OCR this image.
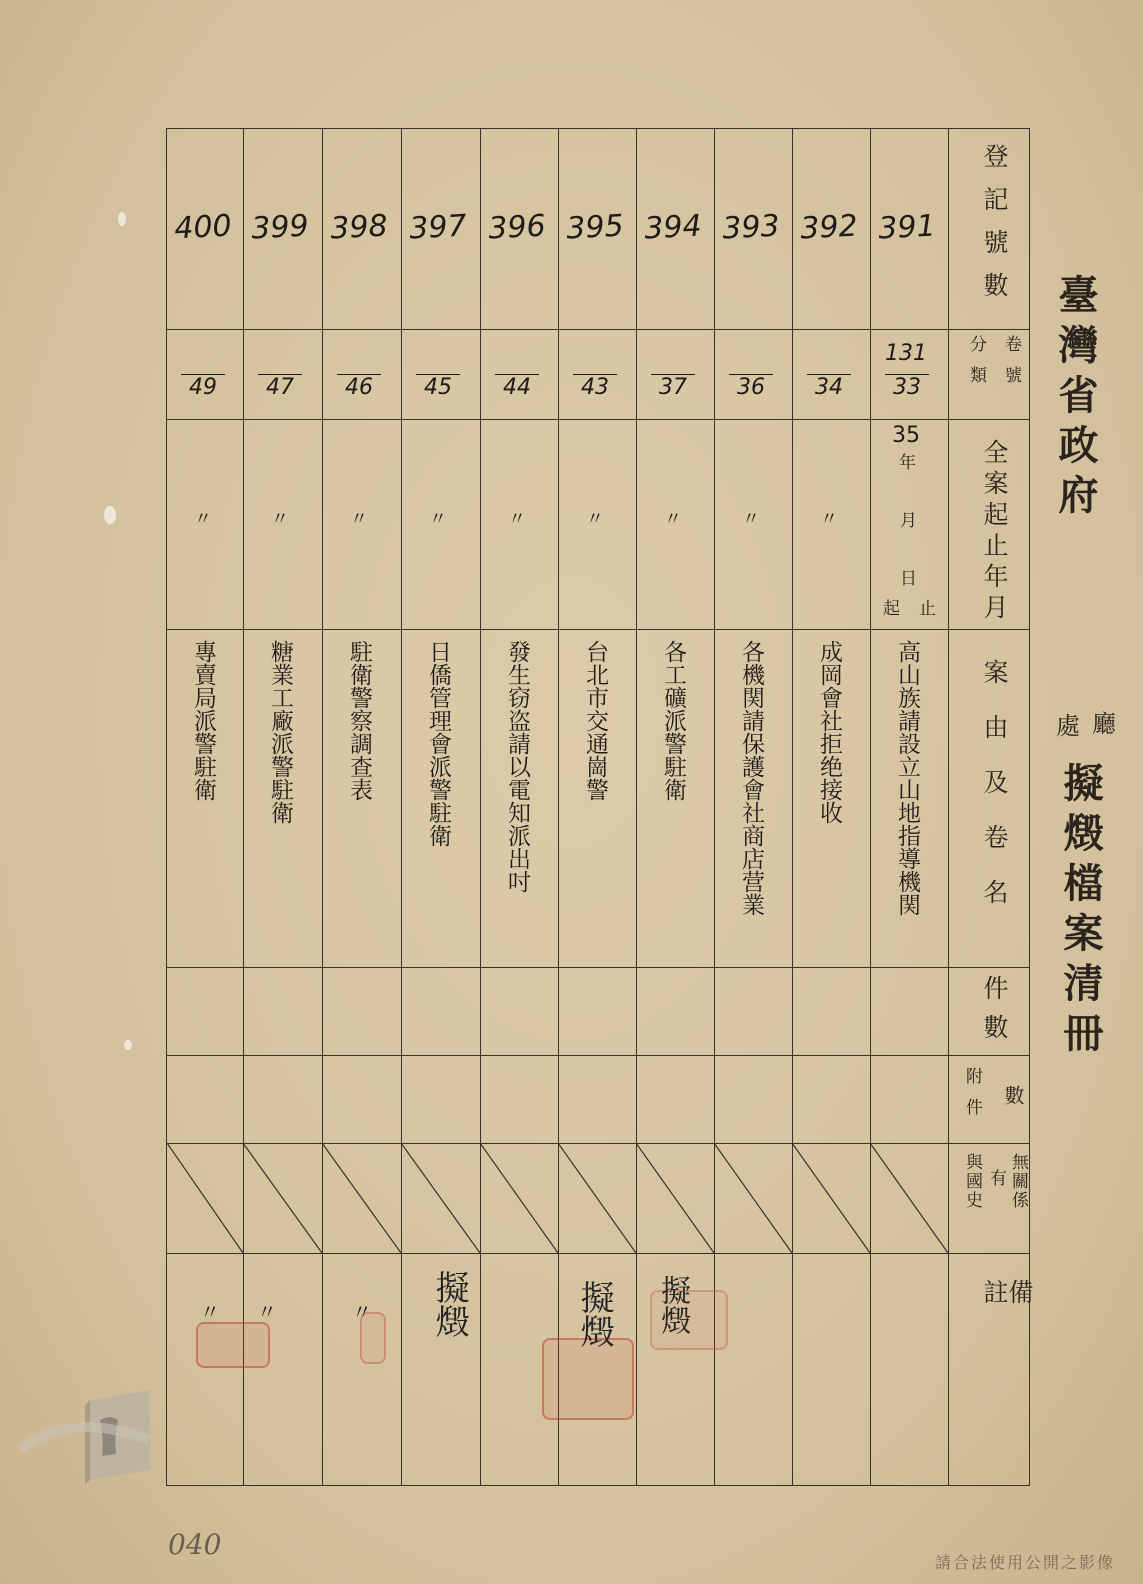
臺灣省政府
廳
處
擬燬檔案清冊
登記號數
卷號
分類
全案起止年月
案由及卷名
件數
數
附件
無關係
有
與國史
備註
35
年
月
日
起 止
131
391
392
393
394
395
396
397
398
399
400
33
34
36
37
43
44
45
46
47
49
〃
〃
〃
〃
〃
〃
〃
〃
〃
高山族請設立山地指導機関
成岡會社拒绝接收
各機関請保護會社商店营業
各工礦派警駐衛
台北市交通崗警
發生窃盗請以電知派出吋
日僑管理會派警駐衛
駐衛警察調查表
糖業工廠派警駐衛
專賣局派警駐衛
擬燬
擬燬
擬燬
〃
〃
〃
040
請合法使用公開之影像
